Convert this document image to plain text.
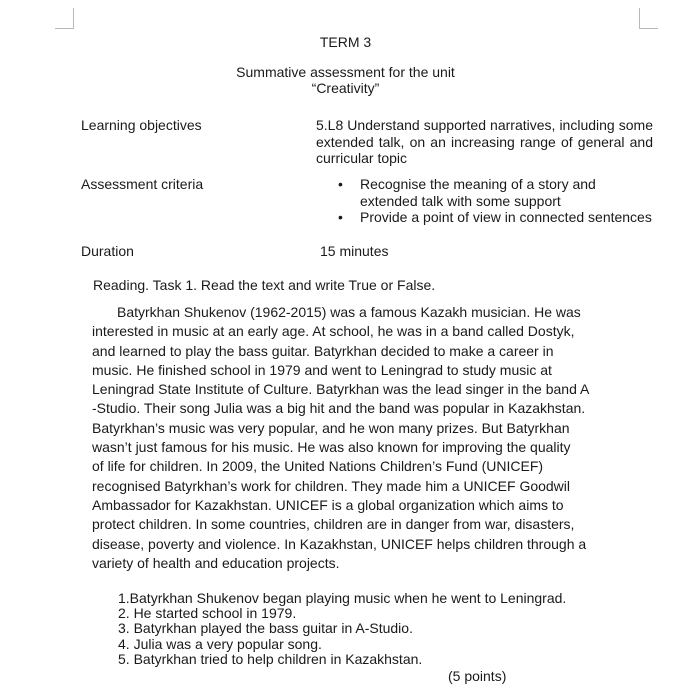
TERM 3
Summative assessment for the unit
“Creativity”
Learning objectives	5.L8 Understand supported narratives, including some extended talk, on an increasing range of general and curricular topic
Assessment criteria	• Recognise the meaning of a story and extended talk with some support
• Provide a point of view in connected sentences
Duration	15 minutes
Reading. Task 1. Read the text and write True or False.

Batyrkhan Shukenov (1962-2015) was a famous Kazakh musician. He was

interested in music at an early age. At school, he was in a band called Dostyk,

and learned to play the bass guitar. Batyrkhan decided to make a career in

music. He finished school in 1979 and went to Leningrad to study music at

Leningrad State Institute of Culture. Batyrkhan was the lead singer in the band A

-Studio. Their song Julia was a big hit and the band was popular in Kazakhstan.

Batyrkhan’s music was very popular, and he won many prizes. But Batyrkhan

wasn’t just famous for his music. He was also known for improving the quality

of life for children. In 2009, the United Nations Children’s Fund (UNICEF)

recognised Batyrkhan’s work for children. They made him a UNICEF Goodwil

Ambassador for Kazakhstan. UNICEF is a global organization which aims to

protect children. In some countries, children are in danger from war, disasters,

disease, poverty and violence. In Kazakhstan, UNICEF helps children through a

variety of health and education projects.

1.Batyrkhan Shukenov began playing music when he went to Leningrad.
2. He started school in 1979.
3. Batyrkhan played the bass guitar in A-Studio.
4. Julia was a very popular song.
5. Batyrkhan tried to help children in Kazakhstan.
(5 points)
